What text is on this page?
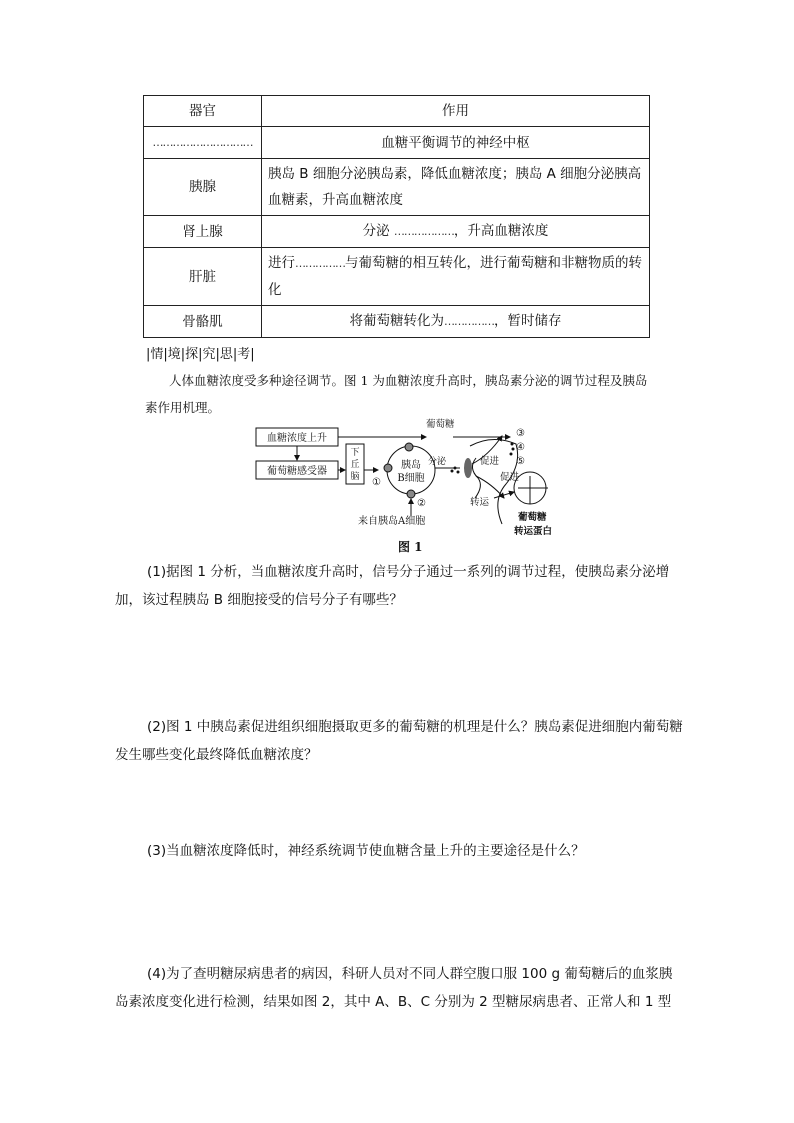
器官	作用
…………………………	血糖平衡调节的神经中枢
胰腺	胰岛 B 细胞分泌胰岛素，降低血糖浓度；胰岛 A 细胞分泌胰高血糖素，升高血糖浓度
肾上腺	分泌 ………………，升高血糖浓度
肝脏	进行……………与葡萄糖的相互转化，进行葡萄糖和非糖物质的转化
骨骼肌	将葡萄糖转化为……………，暂时储存
|情|境|探|究|思|考|
人体血糖浓度受多种途径调节。图 1 为血糖浓度升高时，胰岛素分泌的调节过程及胰岛素作用机理。
血糖浓度上升
葡萄糖感受器
下丘脑 ①
葡萄糖
胰岛
B细胞
②
来自胰岛A细胞
分泌	促进
③
④
⑤
促进
转运
葡萄糖
转运蛋白
图 1
(1)据图 1 分析，当血糖浓度升高时，信号分子通过一系列的调节过程，使胰岛素分泌增加，该过程胰岛 B 细胞接受的信号分子有哪些？
(2)图 1 中胰岛素促进组织细胞摄取更多的葡萄糖的机理是什么？胰岛素促进细胞内葡萄糖发生哪些变化最终降低血糖浓度？
(3)当血糖浓度降低时，神经系统调节使血糖含量上升的主要途径是什么？
(4)为了查明糖尿病患者的病因，科研人员对不同人群空腹口服 100 g 葡萄糖后的血浆胰岛素浓度变化进行检测，结果如图 2，其中 A、B、C 分别为 2 型糖尿病患者、正常人和 1 型
